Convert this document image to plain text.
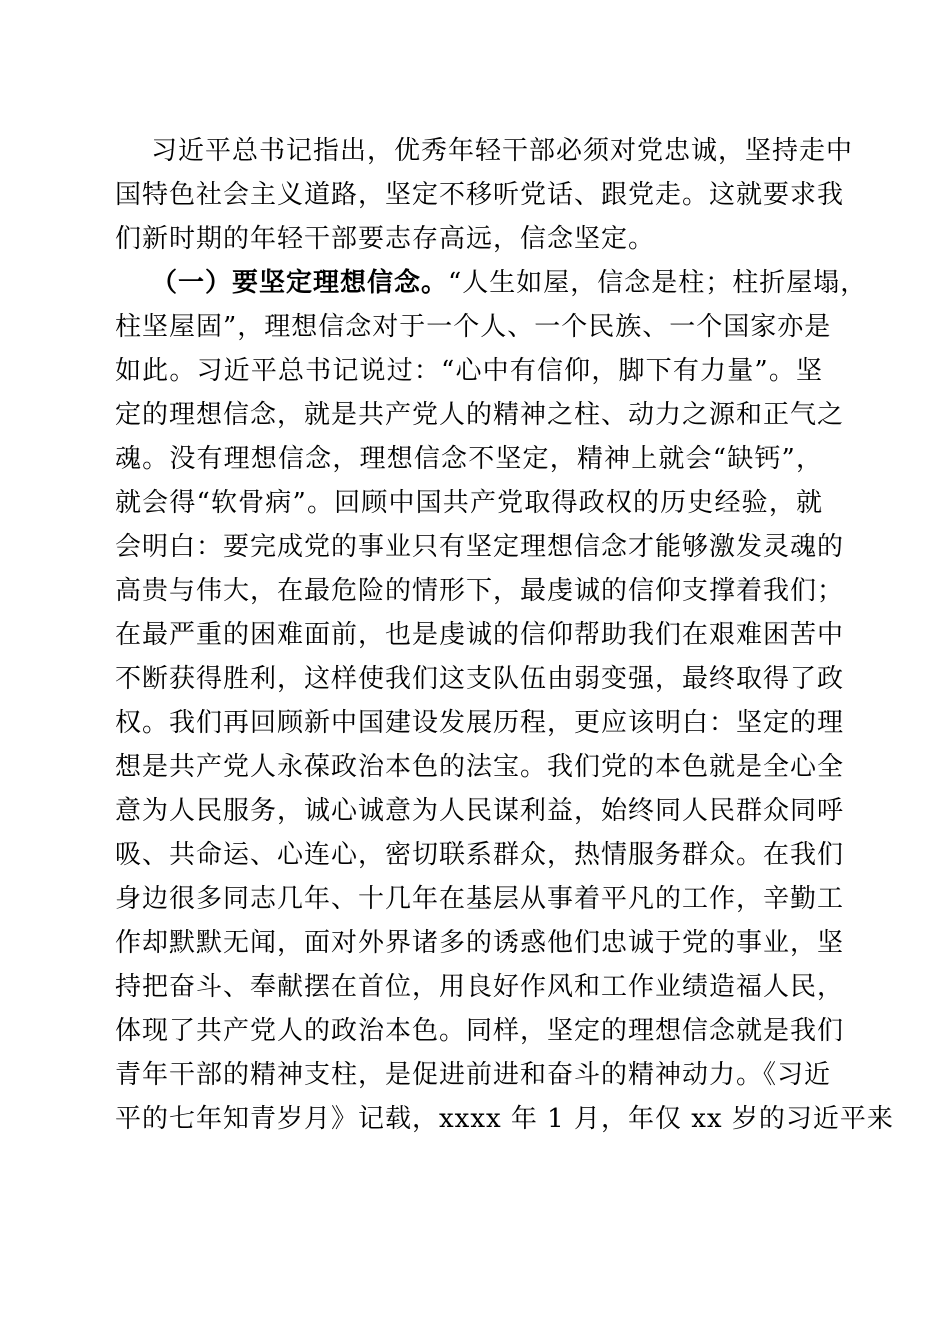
习近平总书记指出，优秀年轻干部必须对党忠诚，坚持走中
国特色社会主义道路，坚定不移听党话、跟党走。这就要求我
们新时期的年轻干部要志存高远，信念坚定。
（一）要坚定理想信念。“人生如屋，信念是柱；柱折屋塌，
柱坚屋固”，理想信念对于一个人、一个民族、一个国家亦是
如此。习近平总书记说过：“心中有信仰，脚下有力量”。坚
定的理想信念，就是共产党人的精神之柱、动力之源和正气之
魂。没有理想信念，理想信念不坚定，精神上就会“缺钙”，
就会得“软骨病”。回顾中国共产党取得政权的历史经验，就
会明白：要完成党的事业只有坚定理想信念才能够激发灵魂的
高贵与伟大，在最危险的情形下，最虔诚的信仰支撑着我们；
在最严重的困难面前，也是虔诚的信仰帮助我们在艰难困苦中
不断获得胜利，这样使我们这支队伍由弱变强，最终取得了政
权。我们再回顾新中国建设发展历程，更应该明白：坚定的理
想是共产党人永葆政治本色的法宝。我们党的本色就是全心全
意为人民服务，诚心诚意为人民谋利益，始终同人民群众同呼
吸、共命运、心连心，密切联系群众，热情服务群众。在我们
身边很多同志几年、十几年在基层从事着平凡的工作，辛勤工
作却默默无闻，面对外界诸多的诱惑他们忠诚于党的事业，坚
持把奋斗、奉献摆在首位，用良好作风和工作业绩造福人民，
体现了共产党人的政治本色。同样，坚定的理想信念就是我们
青年干部的精神支柱，是促进前进和奋斗的精神动力。《习近
平的七年知青岁月》记载，xxxx 年 1 月，年仅 xx 岁的习近平来
